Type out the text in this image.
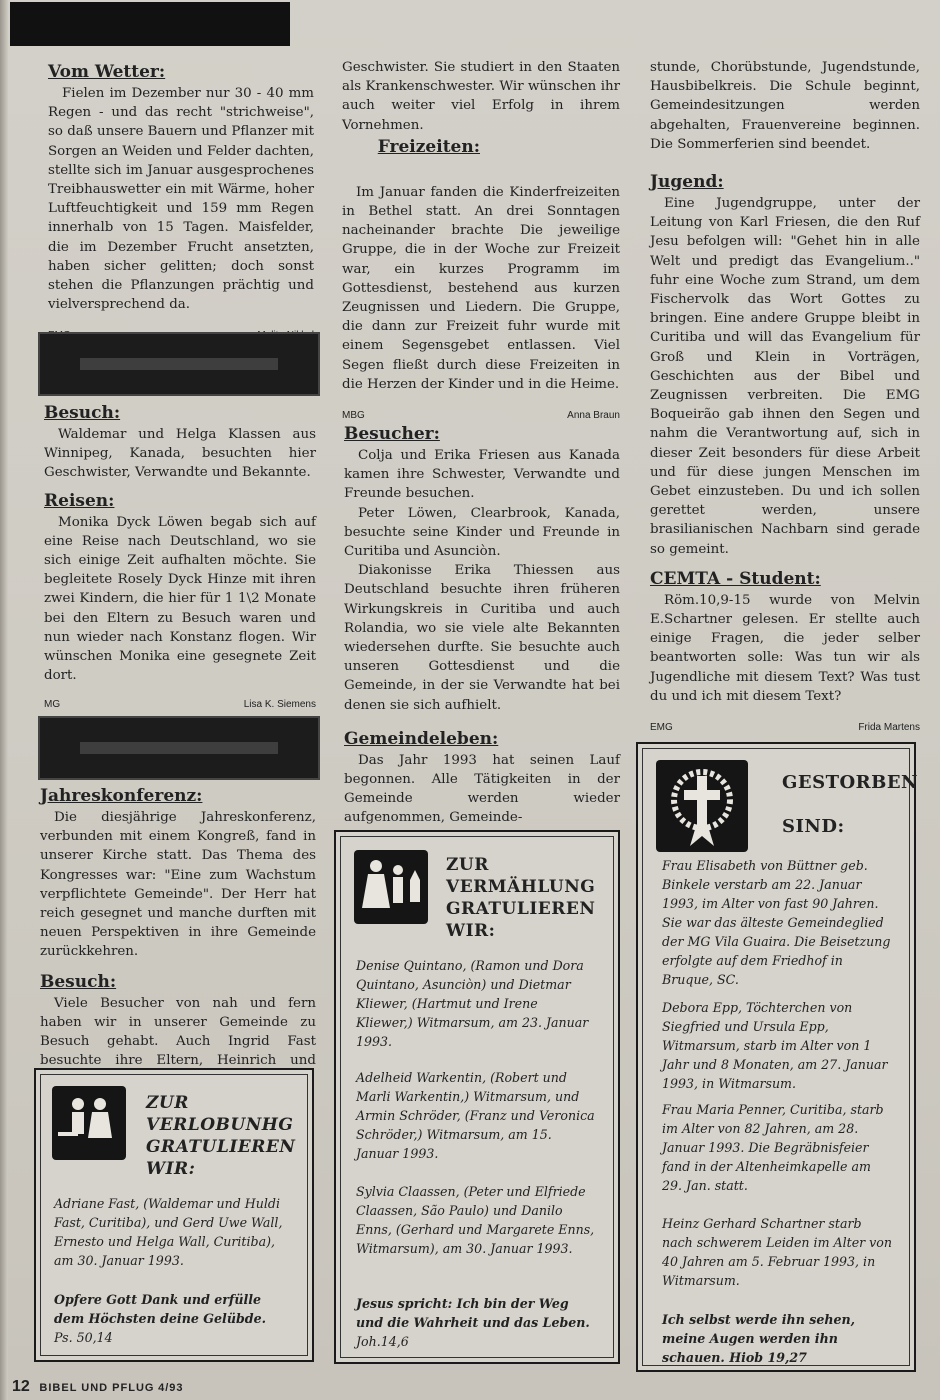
Vom Wetter:

Fielen im Dezember nur 30 - 40 mm Regen - und das recht "strichweise", so daß unsere Bauern und Pflanzer mit Sorgen an Weiden und Felder dachten, stellte sich im Januar ausgesprochenes Treibhauswetter ein mit Wärme, hoher Luftfeuchtigkeit und 159 mm Regen innerhalb von 15 Tagen. Maisfelder, die im Dezember Frucht ansetzten, haben sicher gelitten; doch sonst stehen die Pflanzungen prächtig und vielversprechend da.

Besuch:

Waldemar und Helga Klassen aus Winnipeg, Kanada, besuchten hier Geschwister, Verwandte und Bekannte.

Reisen:

Monika Dyck Löwen begab sich auf eine Reise nach Deutschland, wo sie sich einige Zeit aufhalten möchte. Sie begleitete Rosely Dyck Hinze mit ihren zwei Kindern, die hier für 1 1\2 Monate bei den Eltern zu Besuch waren und nun wieder nach Konstanz flogen. Wir wünschen Monika eine gesegnete Zeit dort.

MG	Lisa K. Siemens

Jahreskonferenz:

Die diesjährige Jahreskonferenz, verbunden mit einem Kongreß, fand in unserer Kirche statt. Das Thema des Kongresses war: "Eine zum Wachstum verpflichtete Gemeinde". Der Herr hat reich gesegnet und manche durften mit neuen Perspektiven in ihre Gemeinde zurückkehren.

Besuch:

Viele Besucher von nah und fern haben wir in unserer Gemeinde zu Besuch gehabt. Auch Ingrid Fast besuchte ihre Eltern, Heinrich und

ZUR
VERLOBUNHG
GRATULIEREN
WIR:

Adriane Fast, (Waldemar und Huldi Fast, Curitiba), und Gerd Uwe Wall, Ernesto und Helga Wall, Curitiba), am 30. Januar 1993.

Opfere Gott Dank und erfülle dem Höchsten deine Gelübde.

Ps. 50,14

Geschwister. Sie studiert in den Staaten als Krankenschwester. Wir wünschen ihr auch weiter viel Erfolg in ihrem Vornehmen.

Freizeiten:

Im Januar fanden die Kinderfreizeiten in Bethel statt. An drei Sonntagen nacheinander brachte Die jeweilige Gruppe, die in der Woche zur Freizeit war, ein kurzes Programm im Gottesdienst, bestehend aus kurzen Zeugnissen und Liedern. Die Gruppe, die dann zur Freizeit fuhr wurde mit einem Segensgebet entlassen. Viel Segen fließt durch diese Freizeiten in die Herzen der Kinder und in die Heime.

MBG	Anna Braun

Besucher:

Colja und Erika Friesen aus Kanada kamen ihre Schwester, Verwandte und Freunde besuchen.

Peter Löwen, Clearbrook, Kanada, besuchte seine Kinder und Freunde in Curitiba und Asunciòn.

Diakonisse Erika Thiessen aus Deutschland besuchte ihren früheren Wirkungskreis in Curitiba und auch Rolandia, wo sie viele alte Bekannten wiedersehen durfte. Sie besuchte auch unseren Gottesdienst und die Gemeinde, in der sie Verwandte hat bei denen sie sich aufhielt.

Gemeindeleben:

Das Jahr 1993 hat seinen Lauf begonnen. Alle Tätigkeiten in der Gemeinde werden wieder aufgenommen, Gemeinde-

ZUR
VERMÄHLUNG
GRATULIEREN
WIR:

Denise Quintano, (Ramon und Dora Quintano, Asunciòn) und Dietmar Kliewer, (Hartmut und Irene Kliewer,) Witmarsum, am 23. Januar 1993.

Adelheid Warkentin, (Robert und Marli Warkentin,) Witmarsum, und Armin Schröder, (Franz und Veronica Schröder,) Witmarsum, am 15. Januar 1993.

Sylvia Claassen, (Peter und Elfriede Claassen, São Paulo) und Danilo Enns, (Gerhard und Margarete Enns, Witmarsum), am 30. Januar 1993.

Jesus spricht: Ich bin der Weg und die Wahrheit und das Leben.

Joh.14,6

stunde, Chorübstunde, Jugendstunde, Hausbibelkreis. Die Schule beginnt, Gemeindesitzungen werden abgehalten, Frauenvereine beginnen. Die Sommerferien sind beendet.

Jugend:

Eine Jugendgruppe, unter der Leitung von Karl Friesen, die den Ruf Jesu befolgen will: "Gehet hin in alle Welt und predigt das Evangelium.." fuhr eine Woche zum Strand, um dem Fischervolk das Wort Gottes zu bringen. Eine andere Gruppe bleibt in Curitiba und will das Evangelium für Groß und Klein in Vorträgen, Geschichten aus der Bibel und Zeugnissen verbreiten. Die EMG Boqueirão gab ihnen den Segen und nahm die Verantwortung auf, sich in dieser Zeit besonders für diese Arbeit und für diese jungen Menschen im Gebet einzusteben. Du und ich sollen gerettet werden, unsere brasilianischen Nachbarn sind gerade so gemeint.

CEMTA - Student:

Röm.10,9-15 wurde von Melvin E.Schartner gelesen. Er stellte auch einige Fragen, die jeder selber beantworten solle: Was tun wir als Jugendliche mit diesem Text? Was tust du und ich mit diesem Text?

EMG	Frida Martens
GESTORBEN
SIND:

Frau Elisabeth von Büttner geb. Binkele verstarb am 22. Januar 1993, im Alter von fast 90 Jahren. Sie war das älteste Gemeindeglied der MG Vila Guaira. Die Beisetzung erfolgte auf dem Friedhof in Bruque, SC.

Debora Epp, Töchterchen von Siegfried und Ursula Epp, Witmarsum, starb im Alter von 1 Jahr und 8 Monaten, am 27. Januar 1993, in Witmarsum.

Frau Maria Penner, Curitiba, starb im Alter von 82 Jahren, am 28. Januar 1993. Die Begräbnisfeier fand in der Altenheimkapelle am 29. Jan. statt.

Heinz Gerhard Schartner starb nach schwerem Leiden im Alter von 40 Jahren am 5. Februar 1993, in Witmarsum.

Ich selbst werde ihn sehen, meine Augen werden ihn schauen. Hiob 19,27

12 BIBEL UND PFLUG 4/93
